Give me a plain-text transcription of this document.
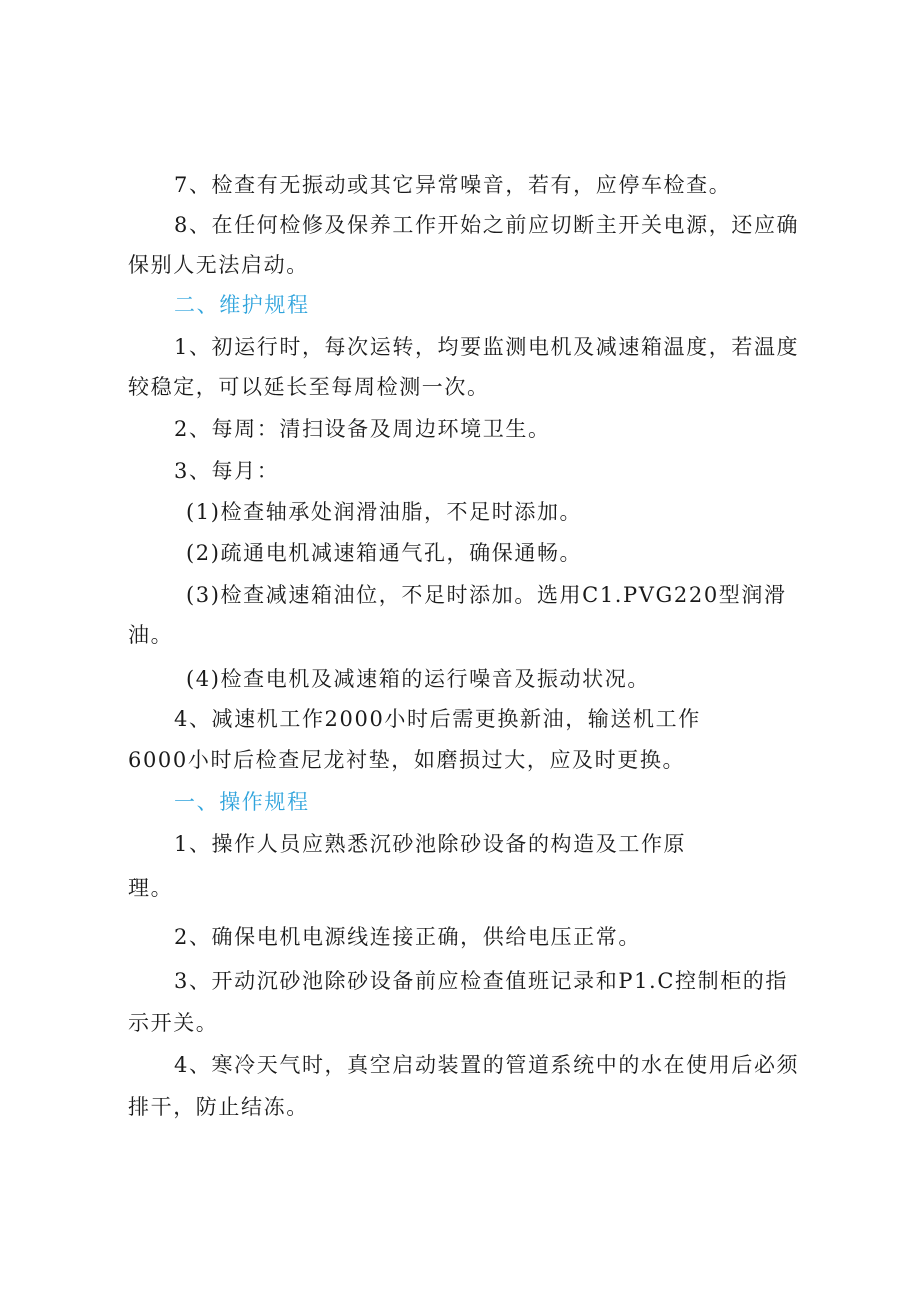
7、检查有无振动或其它异常噪音，若有，应停车检查。
8、在任何检修及保养工作开始之前应切断主开关电源，还应确
保别人无法启动。
二、维护规程
1、初运行时，每次运转，均要监测电机及减速箱温度，若温度
较稳定，可以延长至每周检测一次。
2、每周：清扫设备及周边环境卫生。
3、每月：
(1)检查轴承处润滑油脂，不足时添加。
(2)疏通电机减速箱通气孔，确保通畅。
(3)检查减速箱油位，不足时添加。选用C1.PVG220型润滑
油。
(4)检查电机及减速箱的运行噪音及振动状况。
4、减速机工作2000小时后需更换新油，输送机工作
6000小时后检查尼龙衬垫，如磨损过大，应及时更换。
一、操作规程
1、操作人员应熟悉沉砂池除砂设备的构造及工作原
理。
2、确保电机电源线连接正确，供给电压正常。
3、开动沉砂池除砂设备前应检查值班记录和P1.C控制柜的指
示开关。
4、寒冷天气时，真空启动装置的管道系统中的水在使用后必须
排干，防止结冻。
